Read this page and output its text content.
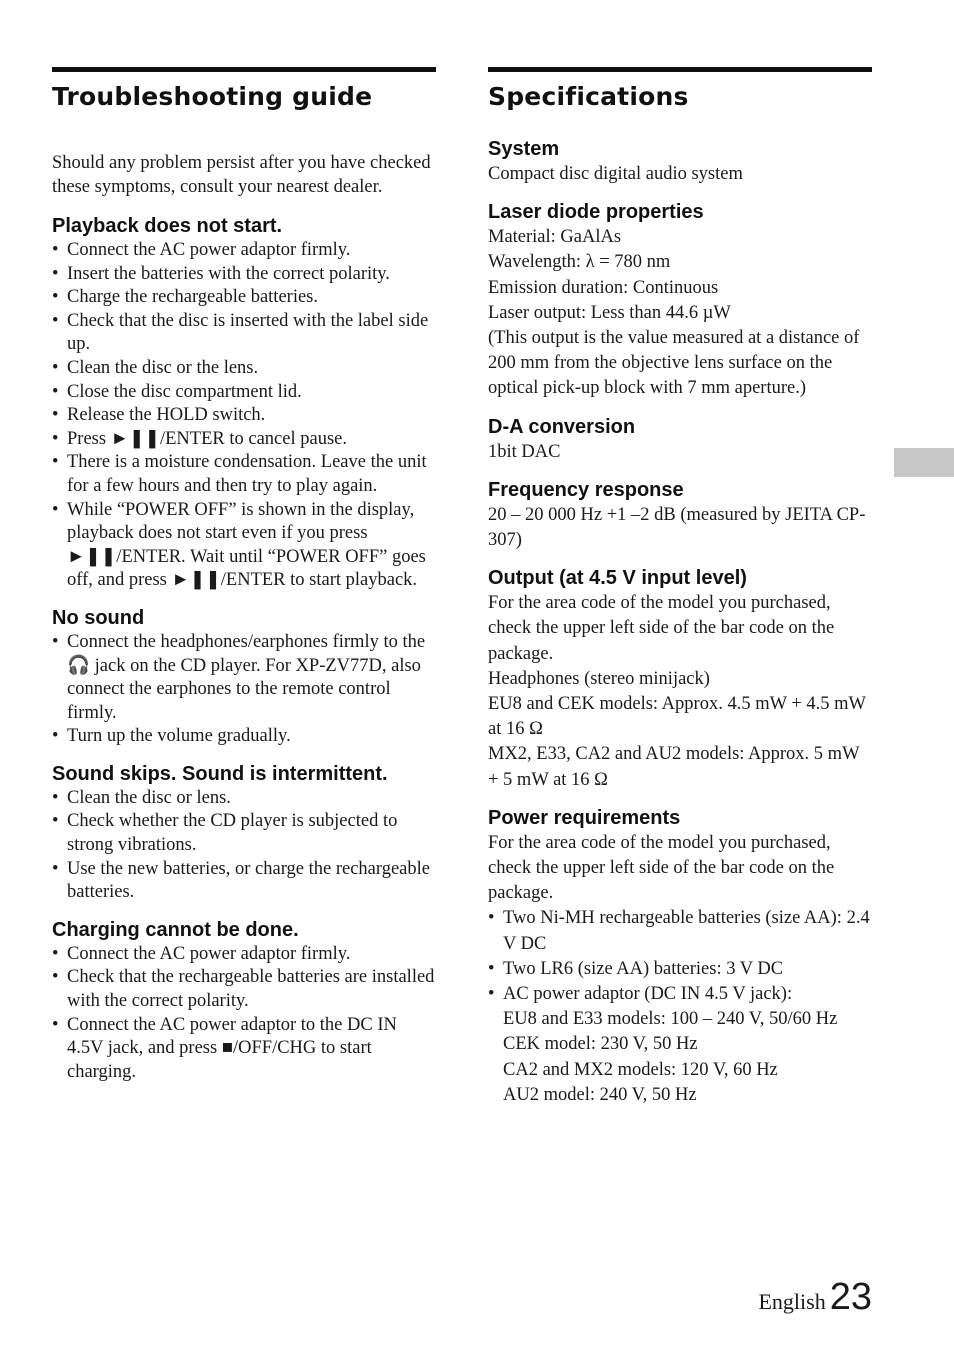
Troubleshooting guide

Should any problem persist after you have checked these symptoms, consult your nearest dealer.

Playback does not start.
• Connect the AC power adaptor firmly.
• Insert the batteries with the correct polarity.
• Charge the rechargeable batteries.
• Check that the disc is inserted with the label side up.
• Clean the disc or the lens.
• Close the disc compartment lid.
• Release the HOLD switch.
• Press ►❚❚/ENTER to cancel pause.
• There is a moisture condensation. Leave the unit for a few hours and then try to play again.
• While “POWER OFF” is shown in the display, playback does not start even if you press ►❚❚/ENTER. Wait until “POWER OFF” goes off, and press ►❚❚/ENTER to start playback.
No sound
• Connect the headphones/earphones firmly to the 🎧 jack on the CD player. For XP-ZV77D, also connect the earphones to the remote control firmly.
• Turn up the volume gradually.
Sound skips. Sound is intermittent.
• Clean the disc or lens.
• Check whether the CD player is subjected to strong vibrations.
• Use the new batteries, or charge the rechargeable batteries.
Charging cannot be done.
• Connect the AC power adaptor firmly.
• Check that the rechargeable batteries are installed with the correct polarity.
• Connect the AC power adaptor to the DC IN 4.5V jack, and press ■/OFF/CHG to start charging.
Specifications
System

Compact disc digital audio system

Laser diode properties

Material: GaAlAs

Wavelength: λ = 780 nm

Emission duration: Continuous

Laser output: Less than 44.6 µW

(This output is the value measured at a distance of 200 mm from the objective lens surface on the optical pick-up block with 7 mm aperture.)

D-A conversion

1bit DAC

Frequency response

20 – 20 000 Hz +1 –2 dB (measured by JEITA CP-307)

Output (at 4.5 V input level)

For the area code of the model you purchased, check the upper left side of the bar code on the package.

Headphones (stereo minijack)

EU8 and CEK models: Approx. 4.5 mW + 4.5 mW at 16 Ω

MX2, E33, CA2 and AU2 models: Approx. 5 mW + 5 mW at 16 Ω

Power requirements

For the area code of the model you purchased, check the upper left side of the bar code on the package.

• Two Ni-MH rechargeable batteries (size AA): 2.4 V DC
• Two LR6 (size AA) batteries: 3 V DC
• AC power adaptor (DC IN 4.5 V jack):
EU8 and E33 models: 100 – 240 V, 50/60 Hz
CEK model: 230 V, 50 Hz
CA2 and MX2 models: 120 V, 60 Hz
AU2 model: 240 V, 50 Hz
English 23
